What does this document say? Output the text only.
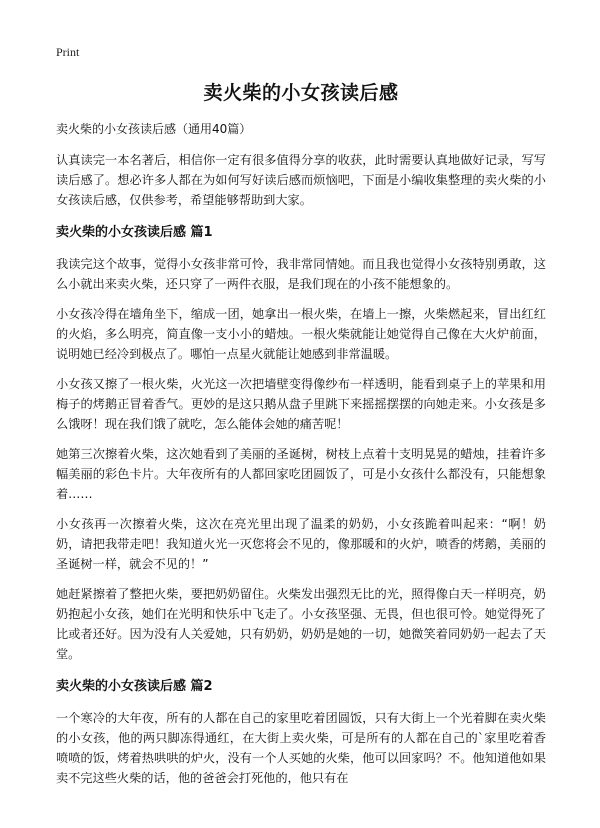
Print
卖火柴的小女孩读后感
卖火柴的小女孩读后感（通用40篇）

认真读完一本名著后，相信你一定有很多值得分享的收获，此时需要认真地做好记录，写写读后感了。想必许多人都在为如何写好读后感而烦恼吧，下面是小编收集整理的卖火柴的小女孩读后感，仅供参考，希望能够帮助到大家。

卖火柴的小女孩读后感 篇1

我读完这个故事，觉得小女孩非常可怜，我非常同情她。而且我也觉得小女孩特别勇敢，这么小就出来卖火柴，还只穿了一两件衣服，是我们现在的小孩不能想象的。

小女孩冷得在墙角坐下，缩成一团，她拿出一根火柴，在墙上一擦，火柴燃起来，冒出红红的火焰，多么明亮，简直像一支小小的蜡烛。一根火柴就能让她觉得自己像在大火炉前面，说明她已经冷到极点了。哪怕一点星火就能让她感到非常温暖。

小女孩又擦了一根火柴，火光这一次把墙壁变得像纱布一样透明，能看到桌子上的苹果和用梅子的烤鹅正冒着香气。更妙的是这只鹅从盘子里跳下来摇摇摆摆的向她走来。小女孩是多么饿呀！现在我们饿了就吃，怎么能体会她的痛苦呢！

她第三次擦着火柴，这次她看到了美丽的圣诞树，树枝上点着十支明晃晃的蜡烛，挂着许多幅美丽的彩色卡片。大年夜所有的人都回家吃团圆饭了，可是小女孩什么都没有，只能想象着……

小女孩再一次擦着火柴，这次在亮光里出现了温柔的奶奶，小女孩跪着叫起来：“啊！奶奶，请把我带走吧！我知道火光一灭您将会不见的，像那暖和的火炉，喷香的烤鹅，美丽的圣诞树一样，就会不见的！”

她赶紧擦着了整把火柴，要把奶奶留住。火柴发出强烈无比的光，照得像白天一样明亮，奶奶抱起小女孩，她们在光明和快乐中飞走了。小女孩坚强、无畏，但也很可怜。她觉得死了比或者还好。因为没有人关爱她，只有奶奶，奶奶是她的一切，她微笑着同奶奶一起去了天堂。

卖火柴的小女孩读后感 篇2

一个寒冷的大年夜，所有的人都在自己的家里吃着团圆饭，只有大街上一个光着脚在卖火柴的小女孩，他的两只脚冻得通红，在大街上卖火柴，可是所有的人都在自己的`家里吃着香喷喷的饭，烤着热哄哄的炉火，没有一个人买她的火柴，他可以回家吗？不。他知道他如果卖不完这些火柴的话，他的爸爸会打死他的，他只有在
